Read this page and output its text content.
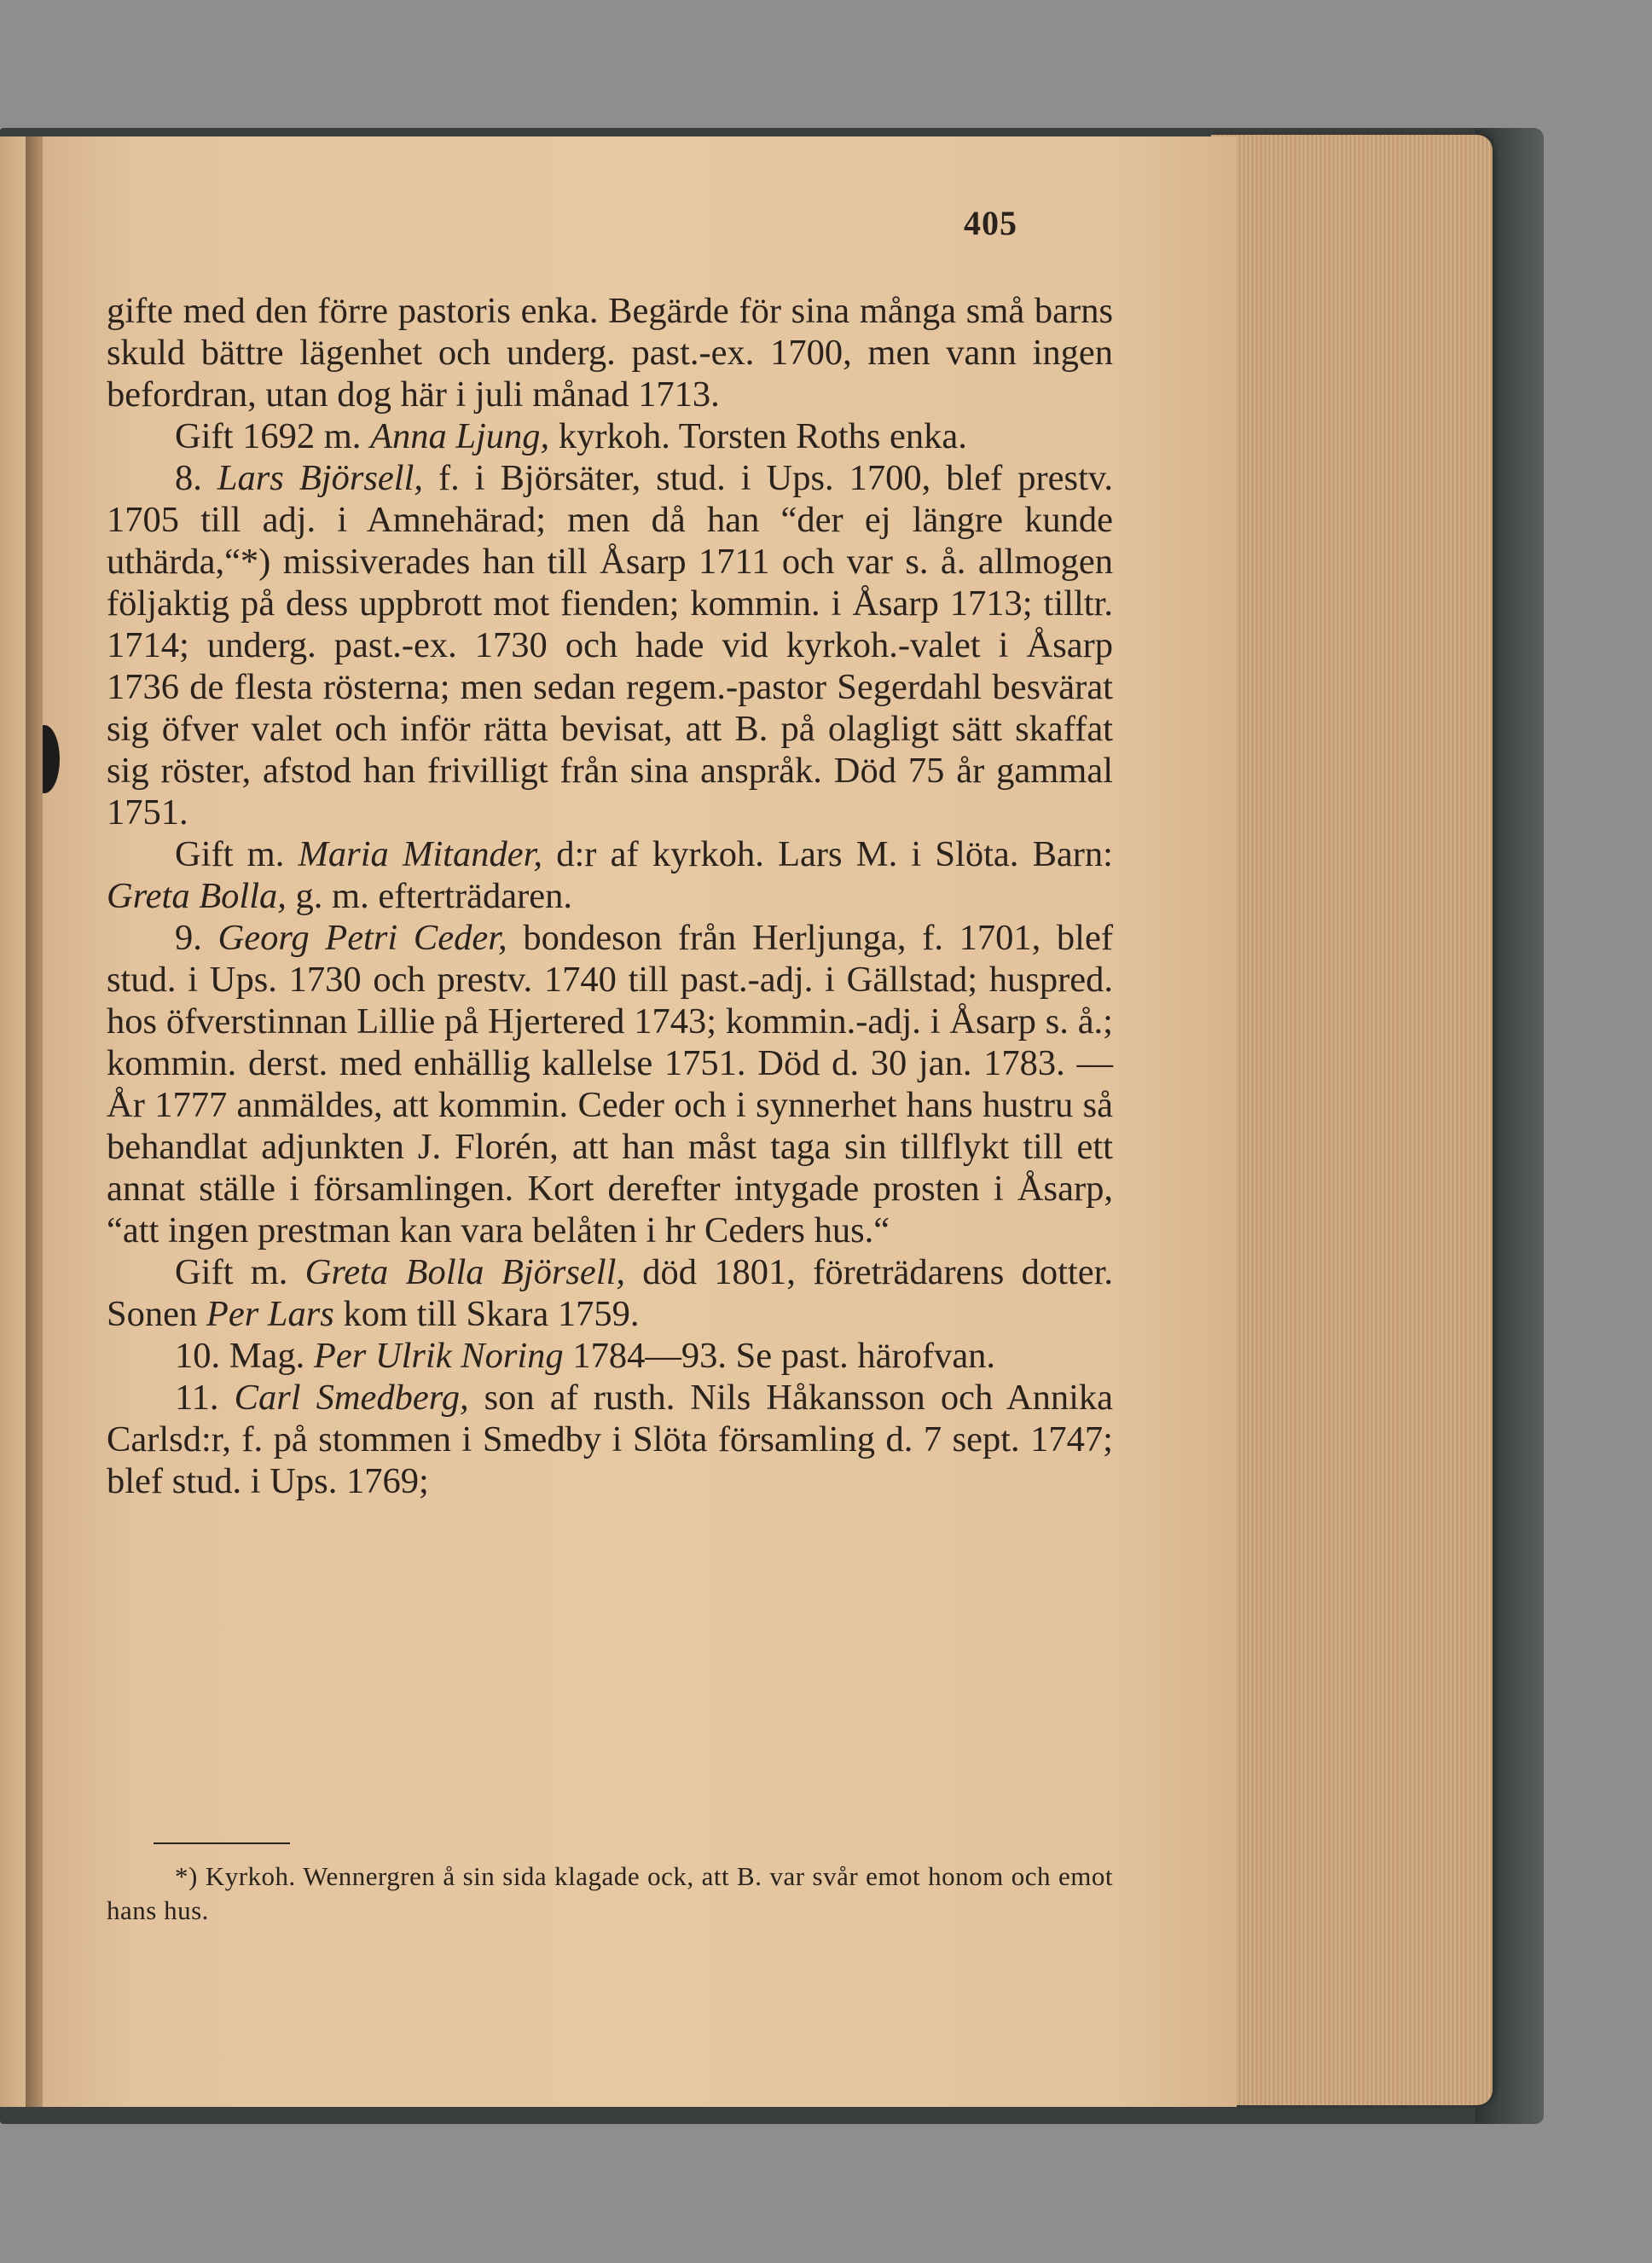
405

gifte med den förre pastoris enka. Begärde för sina många små barns skuld bättre lägenhet och underg. past.-ex. 1700, men vann ingen befordran, utan dog här i juli månad 1713.

Gift 1692 m. Anna Ljung, kyrkoh. Torsten Roths enka.

8. Lars Björsell, f. i Björsäter, stud. i Ups. 1700, blef prestv. 1705 till adj. i Amnehärad; men då han “der ej längre kunde uthärda,“*) missiverades han till Åsarp 1711 och var s. å. allmogen följaktig på dess uppbrott mot fienden; kommin. i Åsarp 1713; tilltr. 1714; underg. past.-ex. 1730 och hade vid kyrkoh.-valet i Åsarp 1736 de flesta rösterna; men sedan regem.-pastor Segerdahl besvärat sig öfver valet och inför rätta bevisat, att B. på olagligt sätt skaffat sig röster, afstod han frivilligt från sina anspråk. Död 75 år gammal 1751.

Gift m. Maria Mitander, d:r af kyrkoh. Lars M. i Slöta. Barn: Greta Bolla, g. m. efterträdaren.

9. Georg Petri Ceder, bondeson från Herljunga, f. 1701, blef stud. i Ups. 1730 och prestv. 1740 till past.-adj. i Gällstad; huspred. hos öfverstinnan Lillie på Hjertered 1743; kommin.-adj. i Åsarp s. å.; kommin. derst. med enhällig kallelse 1751. Död d. 30 jan. 1783. — År 1777 anmäldes, att kommin. Ceder och i synnerhet hans hustru så behandlat adjunkten J. Florén, att han måst taga sin tillflykt till ett annat ställe i församlingen. Kort derefter intygade prosten i Åsarp, “att ingen prestman kan vara belåten i hr Ceders hus.“

Gift m. Greta Bolla Björsell, död 1801, företrädarens dotter. Sonen Per Lars kom till Skara 1759.

10. Mag. Per Ulrik Noring 1784—93. Se past. härofvan.

11. Carl Smedberg, son af rusth. Nils Håkansson och Annika Carlsd:r, f. på stommen i Smedby i Slöta församling d. 7 sept. 1747; blef stud. i Ups. 1769;

*) Kyrkoh. Wennergren å sin sida klagade ock, att B. var svår emot honom och emot hans hus.
